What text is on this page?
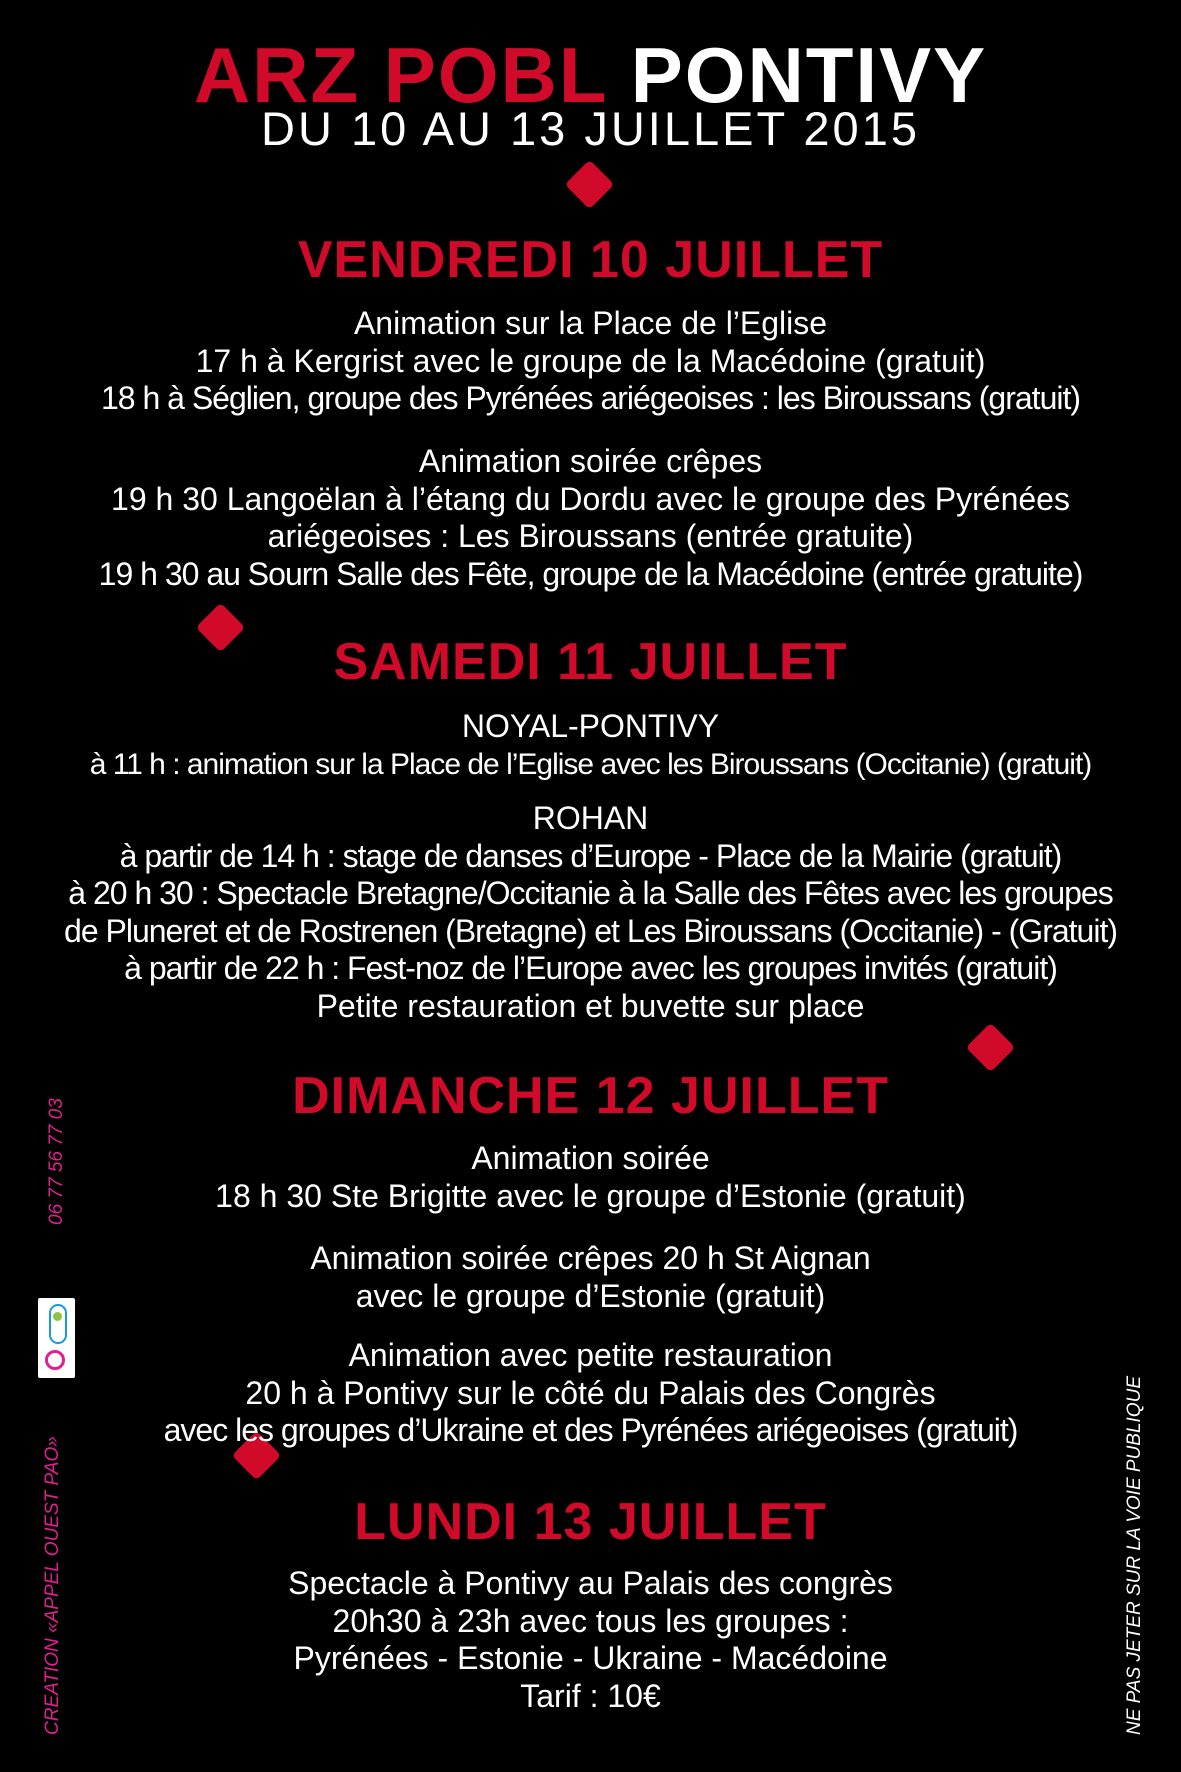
ARZ POBL PONTIVY
DU 10 AU 13 JUILLET 2015
VENDREDI 10 JUILLET
Animation sur la Place de l’Eglise
17 h à Kergrist avec le groupe de la Macédoine (gratuit)
18 h à Séglien, groupe des Pyrénées ariégeoises : les Biroussans (gratuit)
Animation soirée crêpes
19 h 30 Langoëlan à l’étang du Dordu avec le groupe des Pyrénées
ariégeoises : Les Biroussans (entrée gratuite)
19 h 30 au Sourn Salle des Fête, groupe de la Macédoine (entrée gratuite)
SAMEDI 11 JUILLET
NOYAL-PONTIVY
à 11 h : animation sur la Place de l’Eglise avec les Biroussans (Occitanie) (gratuit)
ROHAN
à partir de 14 h : stage de danses d’Europe - Place de la Mairie (gratuit)
à 20 h 30 : Spectacle Bretagne/Occitanie à la Salle des Fêtes avec les groupes
de Pluneret et de Rostrenen (Bretagne) et Les Biroussans (Occitanie) - (Gratuit)
à partir de 22 h : Fest-noz de l’Europe avec les groupes invités (gratuit)
Petite restauration et buvette sur place
DIMANCHE 12 JUILLET
Animation soirée
18 h 30 Ste Brigitte avec le groupe d’Estonie (gratuit)
Animation soirée crêpes 20 h St Aignan
avec le groupe d’Estonie (gratuit)
Animation avec petite restauration
20 h à Pontivy sur le côté du Palais des Congrès
avec les groupes d’Ukraine et des Pyrénées ariégeoises (gratuit)
LUNDI 13 JUILLET
Spectacle à Pontivy au Palais des congrès
20h30 à 23h avec tous les groupes :
Pyrénées - Estonie - Ukraine - Macédoine
Tarif : 10€
CREATION «APPEL OUEST PAO»
06 77 56 77 03
NE PAS JETER SUR LA VOIE PUBLIQUE
